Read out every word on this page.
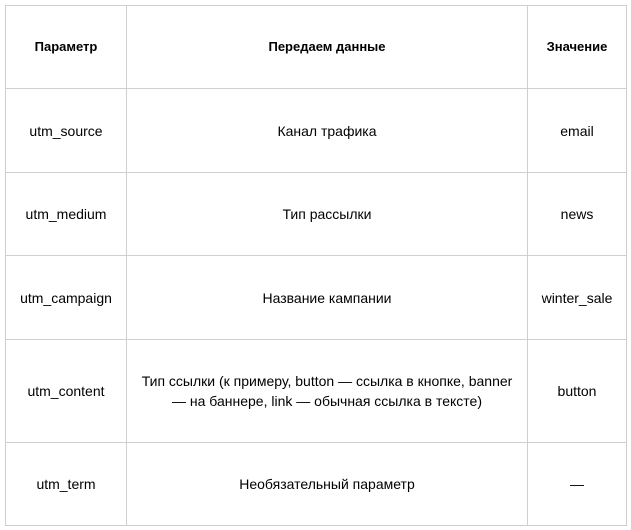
Параметр	Передаем данные	Значение
utm_source	Канал трафика	email
utm_medium	Тип рассылки	news
utm_campaign	Название кампании	winter_sale
utm_content	Тип ссылки (к примеру, button — ссылка в кнопке, banner — на баннере, link — обычная ссылка в тексте)	button
utm_term	Необязательный параметр	—
